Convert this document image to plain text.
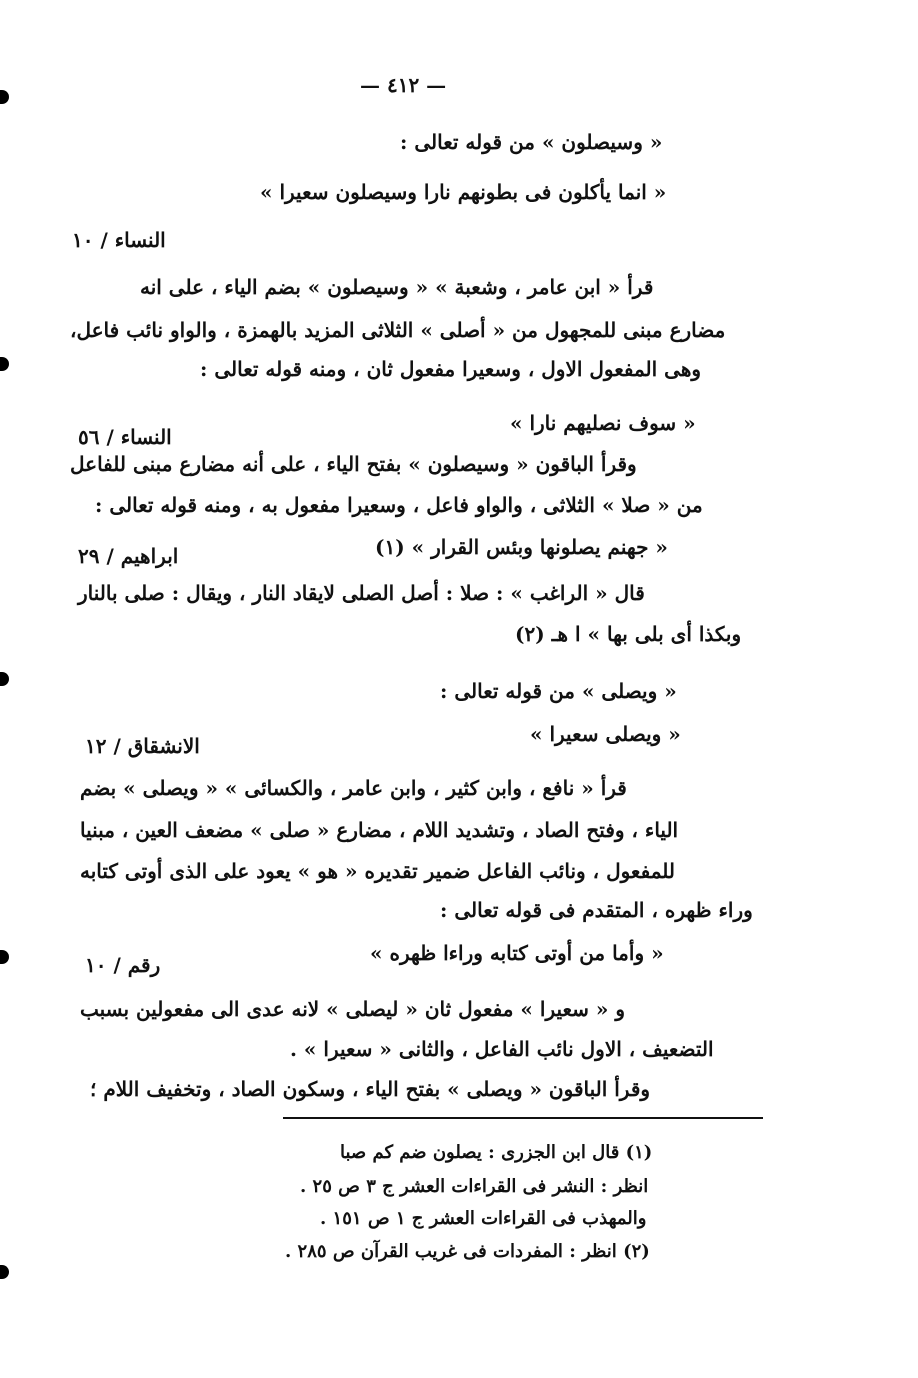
— ٤١٢ —
« وسيصلون » من قوله تعالى :
« انما يأكلون فى بطونهم نارا وسيصلون سعيرا »
النساء / ١٠
قرأ « ابن عامر ، وشعبة » « وسيصلون » بضم الياء ، على انه
مضارع مبنى للمجهول من « أصلى » الثلاثى المزيد بالهمزة ، والواو نائب فاعل،
وهى المفعول الاول ، وسعيرا مفعول ثان ، ومنه قوله تعالى :
« سوف نصليهم نارا »
النساء / ٥٦
وقرأ الباقون « وسيصلون » بفتح الياء ، على أنه مضارع مبنى للفاعل
من « صلا » الثلاثى ، والواو فاعل ، وسعيرا مفعول به ، ومنه قوله تعالى :
« جهنم يصلونها وبئس القرار » (١)
ابراهيم / ٢٩
قال « الراغب » : صلا : أصل الصلى لايقاد النار ، ويقال : صلى بالنار
وبكذا أى بلى بها » ا هـ (٢)
« ويصلى » من قوله تعالى :
« ويصلى سعيرا »
الانشقاق / ١٢
قرأ « نافع ، وابن كثير ، وابن عامر ، والكسائى » « ويصلى » بضم
الياء ، وفتح الصاد ، وتشديد اللام ، مضارع « صلى » مضعف العين ، مبنيا
للمفعول ، ونائب الفاعل ضمير تقديره « هو » يعود على الذى أوتى كتابه
وراء ظهره ، المتقدم فى قوله تعالى :
« وأما من أوتى كتابه وراءا ظهره »
رقم / ١٠
و « سعيرا » مفعول ثان « ليصلى » لانه عدى الى مفعولين بسبب
التضعيف ، الاول نائب الفاعل ، والثانى « سعيرا » .
وقرأ الباقون « ويصلى » بفتح الياء ، وسكون الصاد ، وتخفيف اللام ؛
(١) قال ابن الجزرى : يصلون ضم كم صبا
انظر : النشر فى القراءات العشر ج ٣ ص ٢٥ .
والمهذب فى القراءات العشر ج ١ ص ١٥١ .
(٢) انظر : المفردات فى غريب القرآن ص ٢٨٥ .
